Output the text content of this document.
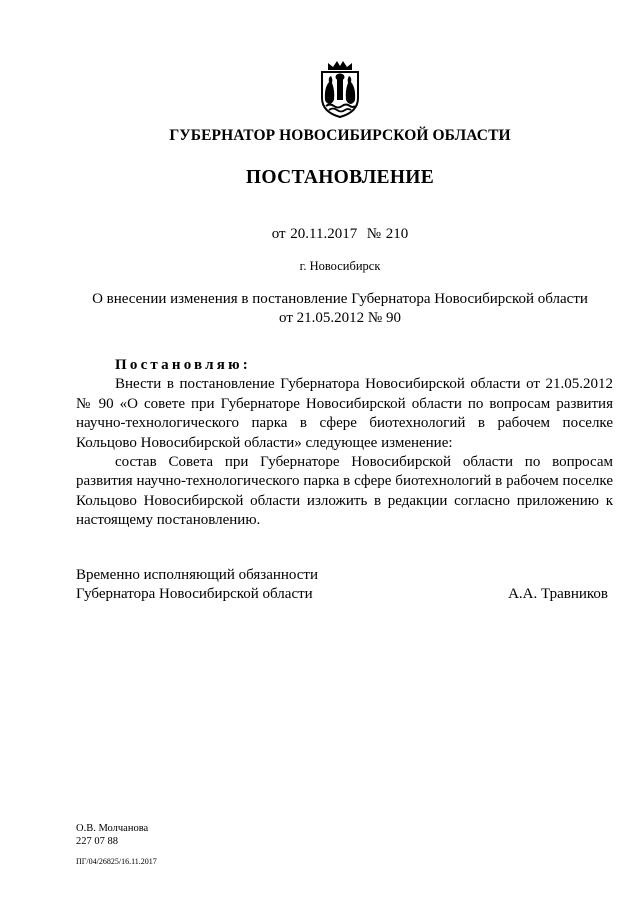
ГУБЕРНАТОР НОВОСИБИРСКОЙ ОБЛАСТИ
ПОСТАНОВЛЕНИЕ
от 20.11.2017  № 210
г. Новосибирск
О внесении изменения в постановление Губернатора Новосибирской области
от 21.05.2012 № 90
Постановляю:

Внести в постановление Губернатора Новосибирской области от 21.05.2012 № 90 «О совете при Губернаторе Новосибирской области по вопросам развития научно-технологического парка в сфере биотехнологий в рабочем поселке Кольцово Новосибирской области» следующее изменение:

состав Совета при Губернаторе Новосибирской области по вопросам развития научно-технологического парка в сфере биотехнологий в рабочем поселке Кольцово Новосибирской области изложить в редакции согласно приложению к настоящему постановлению.

Временно исполняющий обязанности
Губернатора Новосибирской области	А.А. Травников
О.В. Молчанова
227 07 88
ПГ/04/26825/16.11.2017
